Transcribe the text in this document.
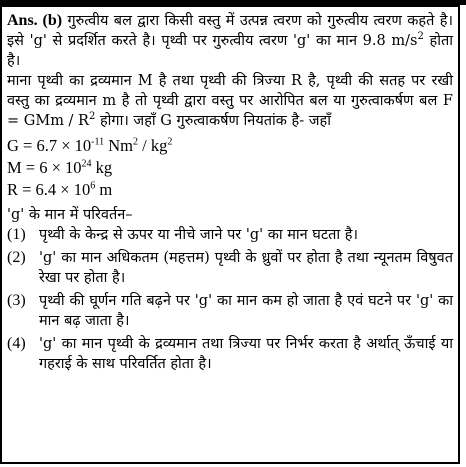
Ans. (b) गुरुत्वीय बल द्वारा किसी वस्तु में उत्पन्न त्वरण को गुरुत्वीय त्वरण कहते है। इसे 'g' से प्रदर्शित करते है। पृथ्वी पर गुरुत्वीय त्वरण 'g' का मान 9.8 $m/s^2$ होता है।

माना पृथ्वी का द्रव्यमान M है तथा पृथ्वी की त्रिज्या R है, पृथ्वी की सतह पर रखी वस्तु का द्रव्यमान m है तो पृथ्वी द्वारा वस्तु पर आरोपित बल या गुरुत्वाकर्षण बल F = GMm / $R^2$ होगा। जहाँ G गुरुत्वाकर्षण नियतांक है- जहाँ

$G = 6.7 \times 10^{-11}$ $Nm^2 / kg^2$

$M = 6 \times 10^{24}$ kg

$R = 6.4 \times 10^6$ m

'g' के मान में परिवर्तन–

(1) पृथ्वी के केन्द्र से ऊपर या नीचे जाने पर 'g' का मान घटता है।
(2) 'g' का मान अधिकतम (महत्तम) पृथ्वी के ध्रुवों पर होता है तथा न्यूनतम विषुवत रेखा पर होता है।
(3) पृथ्वी की घूर्णन गति बढ़ने पर 'g' का मान कम हो जाता है एवं घटने पर 'g' का मान बढ़ जाता है।
(4) 'g' का मान पृथ्वी के द्रव्यमान तथा त्रिज्या पर निर्भर करता है अर्थात् ऊँचाई या गहराई के साथ परिवर्तित होता है।
